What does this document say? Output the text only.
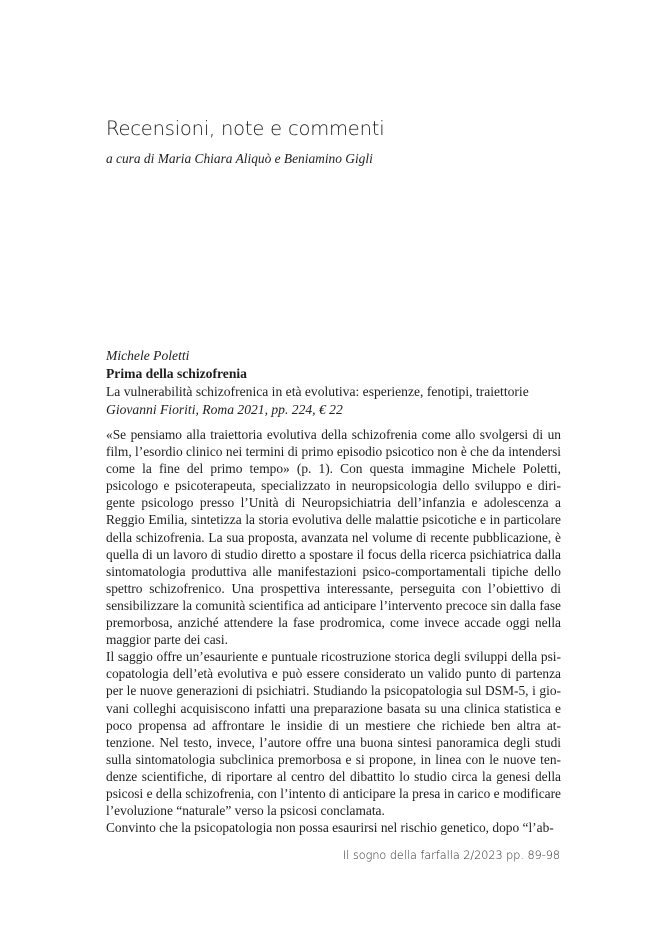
Recensioni, note e commenti

a cura di Maria Chiara Aliquò e Beniamino Gigli

Michele Poletti
Prima della schizofrenia
La vulnerabilità schizofrenica in età evolutiva: esperienze, fenotipi, traiettorie
Giovanni Fioriti, Roma 2021, pp. 224, € 22

«Se pensiamo alla traiettoria evolutiva della schizofrenia come allo svolgersi di un film, l’esordio clinico nei termini di primo episodio psicotico non è che da intendersi come la fine del primo tempo» (p. 1). Con questa immagine Michele Poletti, psicologo e psicoterapeuta, specializzato in neuropsicologia dello sviluppo e dirigente psicologo presso l’Unità di Neuropsichiatria dell’infanzia e adolescenza a Reggio Emilia, sintetizza la storia evolutiva delle malattie psicotiche e in particolare della schizofrenia. La sua proposta, avanzata nel volume di recente pubblicazione, è quella di un lavoro di studio diretto a spostare il focus della ricerca psichiatrica dalla sintomatologia produttiva alle manifestazioni psico-comportamentali tipiche dello spettro schizofrenico. Una prospettiva interessante, perseguita con l’obiettivo di sensibilizzare la comunità scientifica ad anticipare l’intervento precoce sin dalla fase premorbosa, anziché attendere la fase prodromica, come invece accade oggi nella maggior parte dei casi.

Il saggio offre un’esauriente e puntuale ricostruzione storica degli sviluppi della psicopatologia dell’età evolutiva e può essere considerato un valido punto di partenza per le nuove generazioni di psichiatri. Studiando la psicopatologia sul DSM-5, i giovani colleghi acquisiscono infatti una preparazione basata su una clinica statistica e poco propensa ad affrontare le insidie di un mestiere che richiede ben altra attenzione. Nel testo, invece, l’autore offre una buona sintesi panoramica degli studi sulla sintomatologia subclinica premorbosa e si propone, in linea con le nuove tendenze scientifiche, di riportare al centro del dibattito lo studio circa la genesi della psicosi e della schizofrenia, con l’intento di anticipare la presa in carico e modificare l’evoluzione “naturale” verso la psicosi conclamata.

Convinto che la psicopatologia non possa esaurirsi nel rischio genetico, dopo “l’ab-

Il sogno della farfalla 2/2023 pp. 89-98
